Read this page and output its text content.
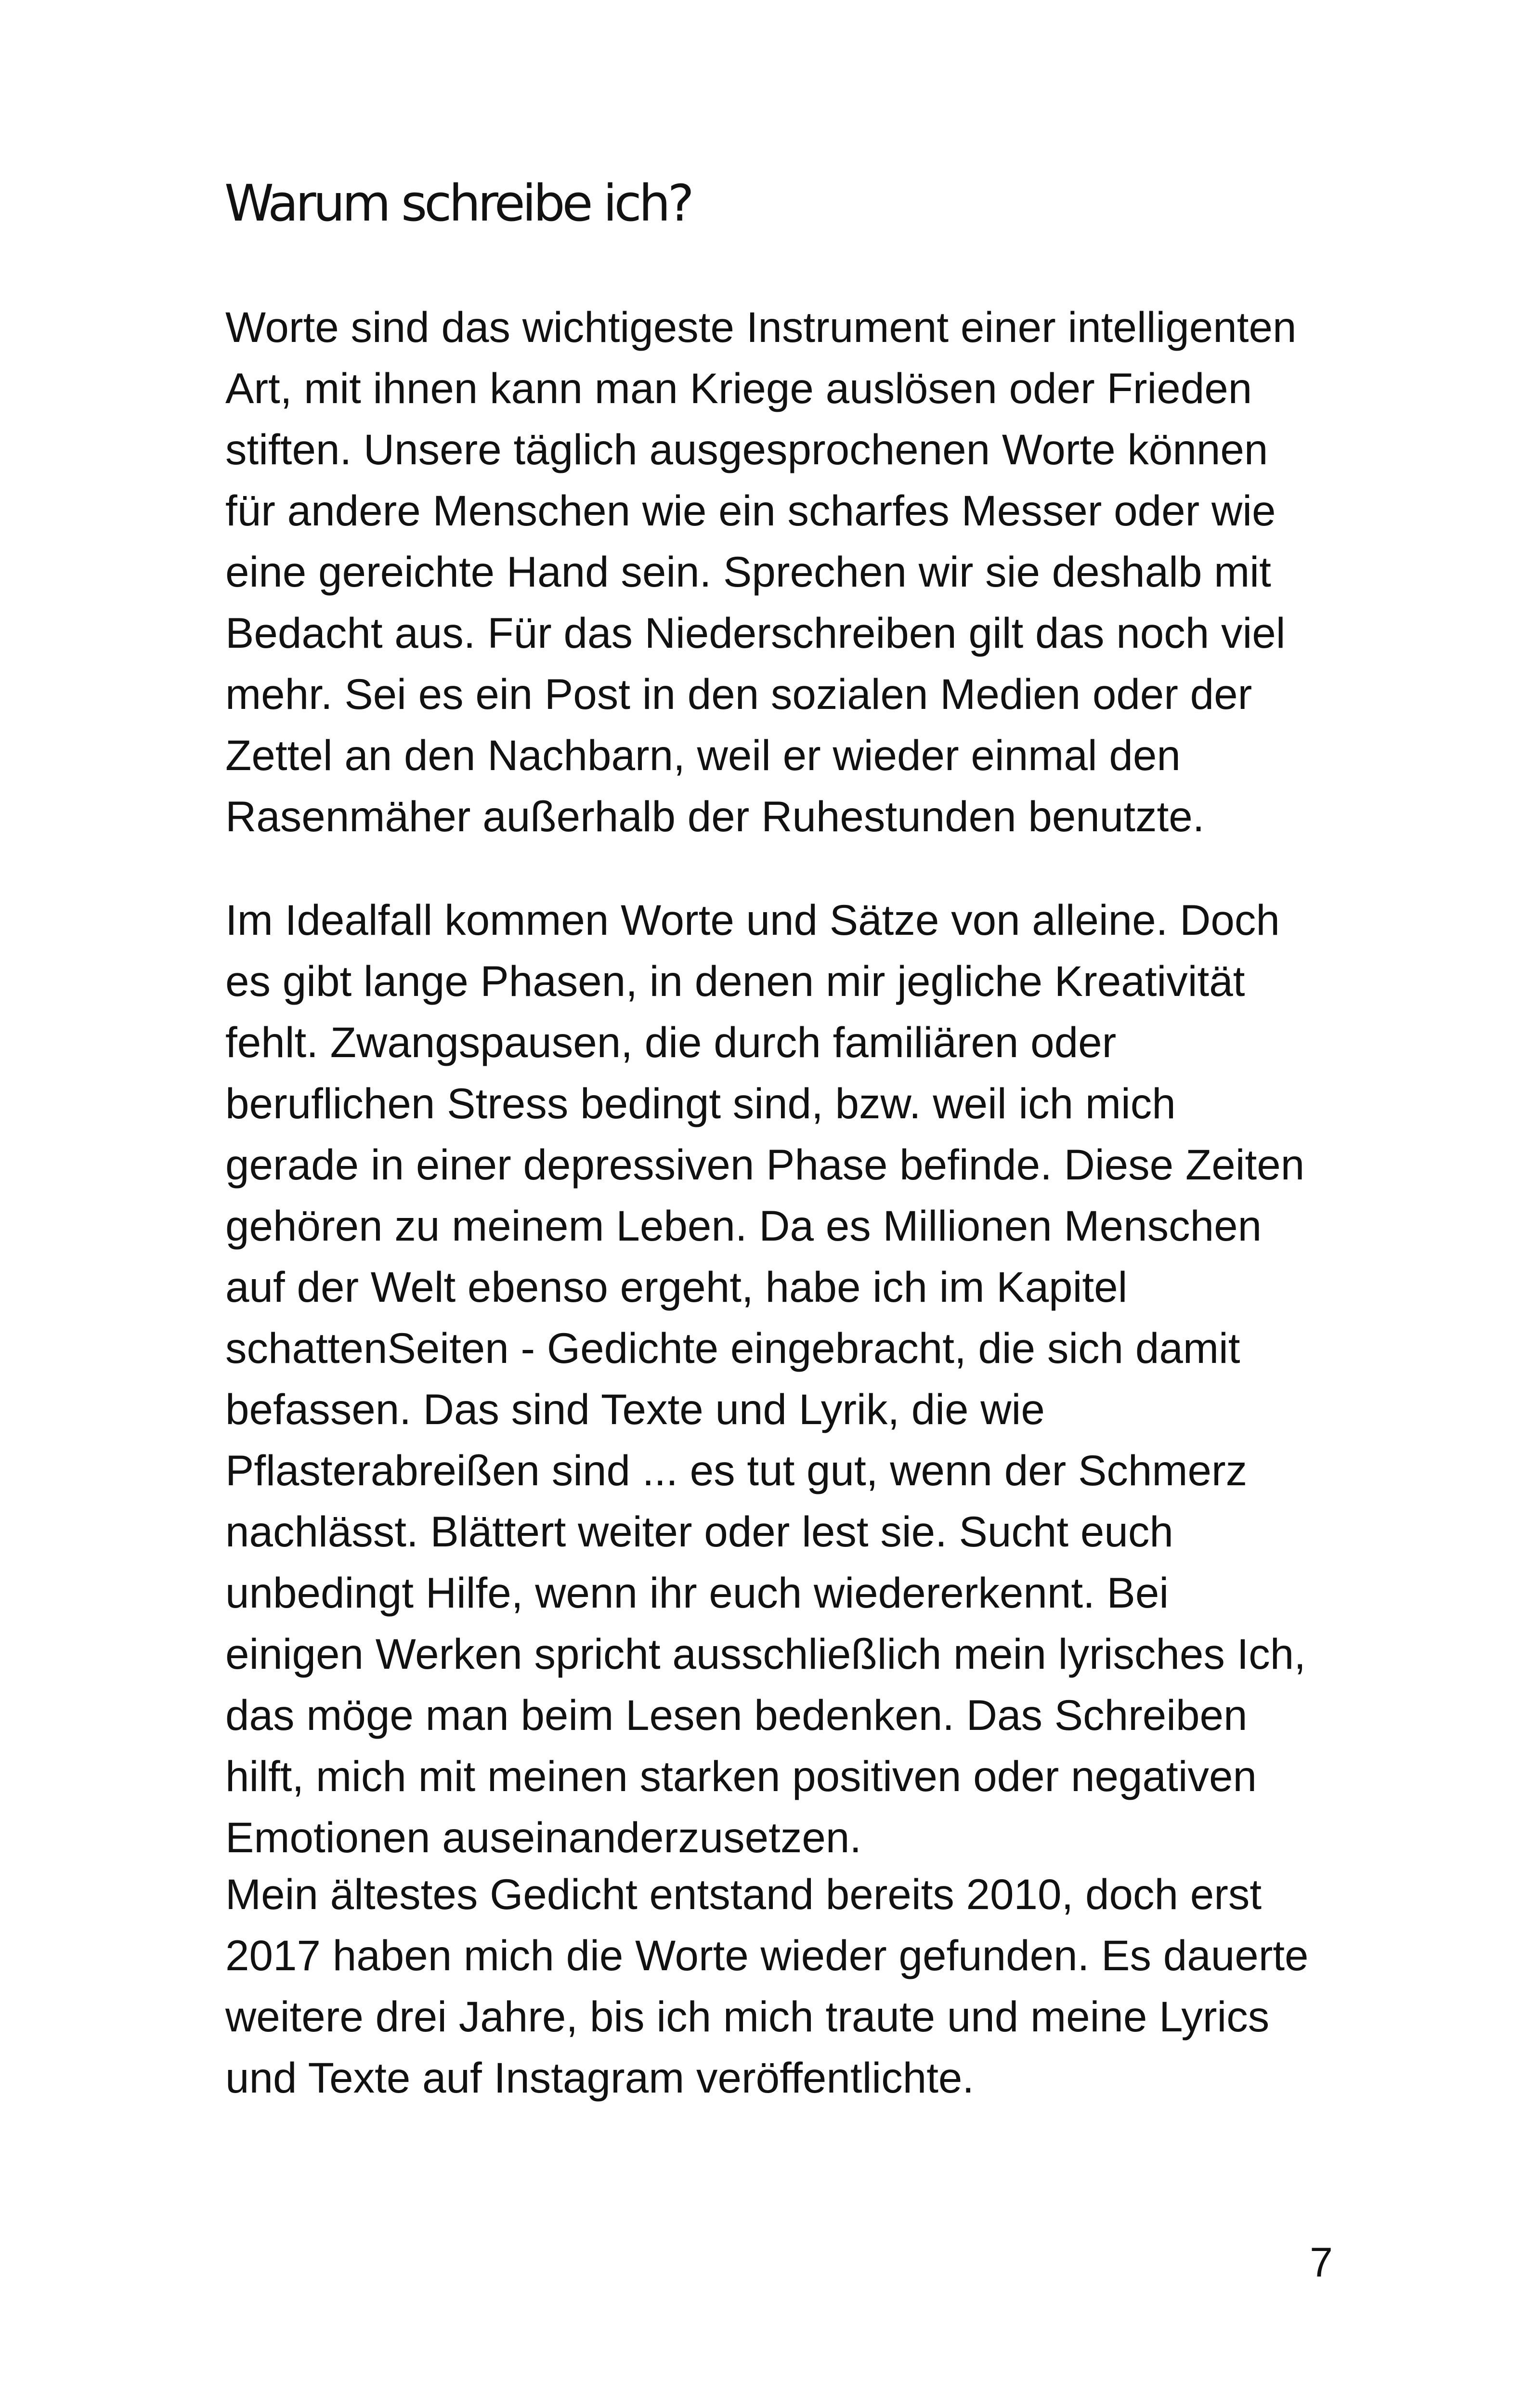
Warum schreibe ich?

Worte sind das wichtigeste Instrument einer intelligenten
Art, mit ihnen kann man Kriege auslösen oder Frieden
stiften. Unsere täglich ausgesprochenen Worte können
für andere Menschen wie ein scharfes Messer oder wie
eine gereichte Hand sein. Sprechen wir sie deshalb mit
Bedacht aus. Für das Niederschreiben gilt das noch viel
mehr. Sei es ein Post in den sozialen Medien oder der
Zettel an den Nachbarn, weil er wieder einmal den
Rasenmäher außerhalb der Ruhestunden benutzte.

Im Idealfall kommen Worte und Sätze von alleine. Doch
es gibt lange Phasen, in denen mir jegliche Kreativität
fehlt. Zwangspausen, die durch familiären oder
beruflichen Stress bedingt sind, bzw. weil ich mich
gerade in einer depressiven Phase befinde. Diese Zeiten
gehören zu meinem Leben. Da es Millionen Menschen
auf der Welt ebenso ergeht, habe ich im Kapitel
schattenSeiten - Gedichte eingebracht, die sich damit
befassen. Das sind Texte und Lyrik, die wie
Pflasterabreißen sind ... es tut gut, wenn der Schmerz
nachlässt. Blättert weiter oder lest sie. Sucht euch
unbedingt Hilfe, wenn ihr euch wiedererkennt. Bei
einigen Werken spricht ausschließlich mein lyrisches Ich,
das möge man beim Lesen bedenken. Das Schreiben
hilft, mich mit meinen starken positiven oder negativen
Emotionen auseinanderzusetzen.

Mein ältestes Gedicht entstand bereits 2010, doch erst
2017 haben mich die Worte wieder gefunden. Es dauerte
weitere drei Jahre, bis ich mich traute und meine Lyrics
und Texte auf Instagram veröffentlichte.

7
